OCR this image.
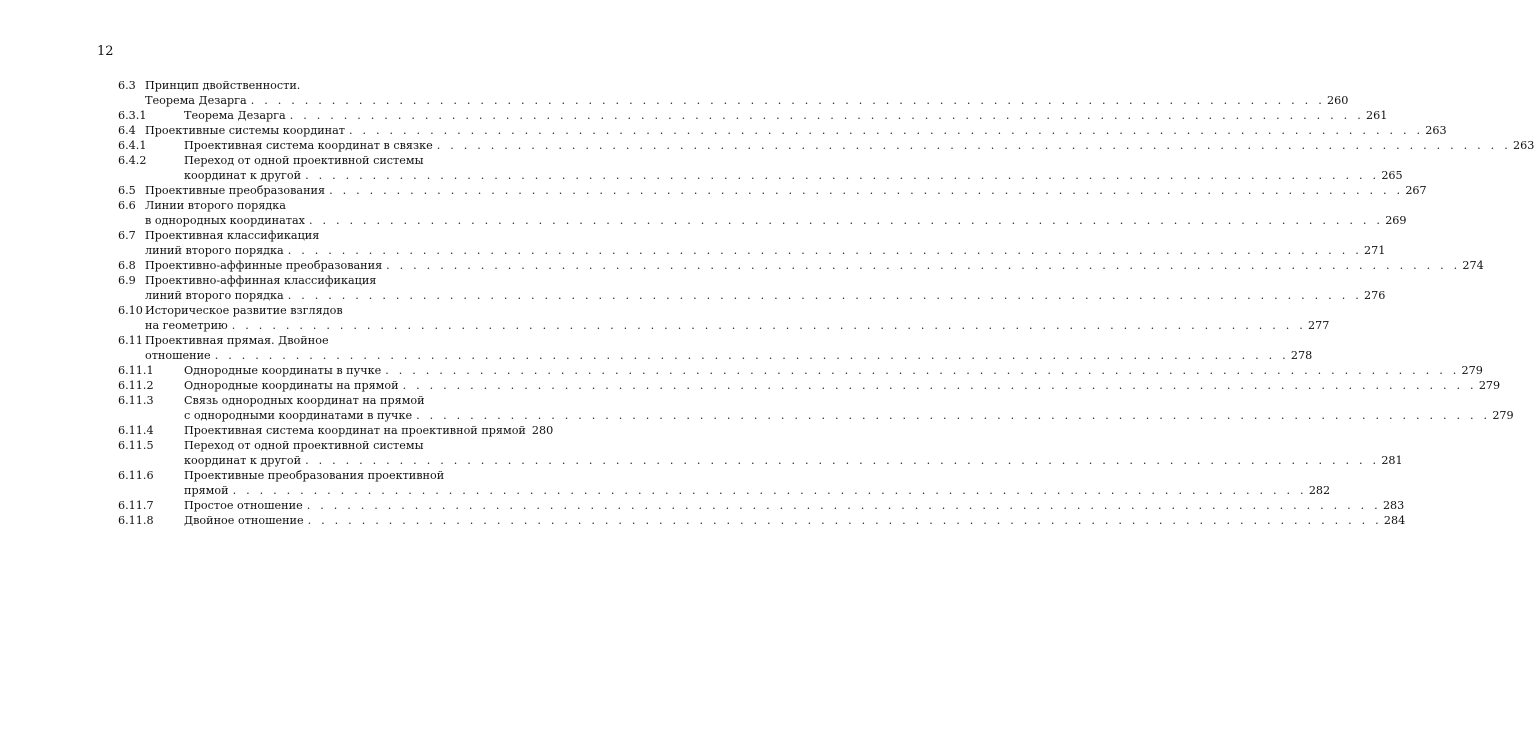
12
6.3 Принцип двойственности.
Теорема Дезарга . . .	260
6.3.1	Теорема Дезарга . . .	261
6.4 Проективные системы координат . . .	263
6.4.1	Проективная система координат в связке . . .	263
6.4.2	Переход от одной проективной системы
координат к другой . . .	265
6.5 Проективные преобразования . . .	267
6.6 Линии второго порядка
в однородных координатах . . .	269
6.7 Проективная классификация
линий второго порядка . . .	271
6.8 Проективно-аффинные преобразования . . .	274
6.9 Проективно-аффинная классификация
линий второго порядка . . .	276
6.10 Историческое развитие взглядов
на геометрию . . .	277
6.11 Проективная прямая. Двойное
отношение . . .	278
6.11.1	Однородные координаты в пучке . . .	279
6.11.2	Однородные координаты на прямой . . .	279
6.11.3	Связь однородных координат на прямой
с однородными координатами в пучке . . .	279
6.11.4	Проективная система координат на проективной прямой 280
6.11.5	Переход от одной проективной системы
координат к другой . . .	281
6.11.6	Проективные преобразования проективной
прямой . . .	282
6.11.7	Простое отношение . . .	283
6.11.8	Двойное отношение . . .	284
